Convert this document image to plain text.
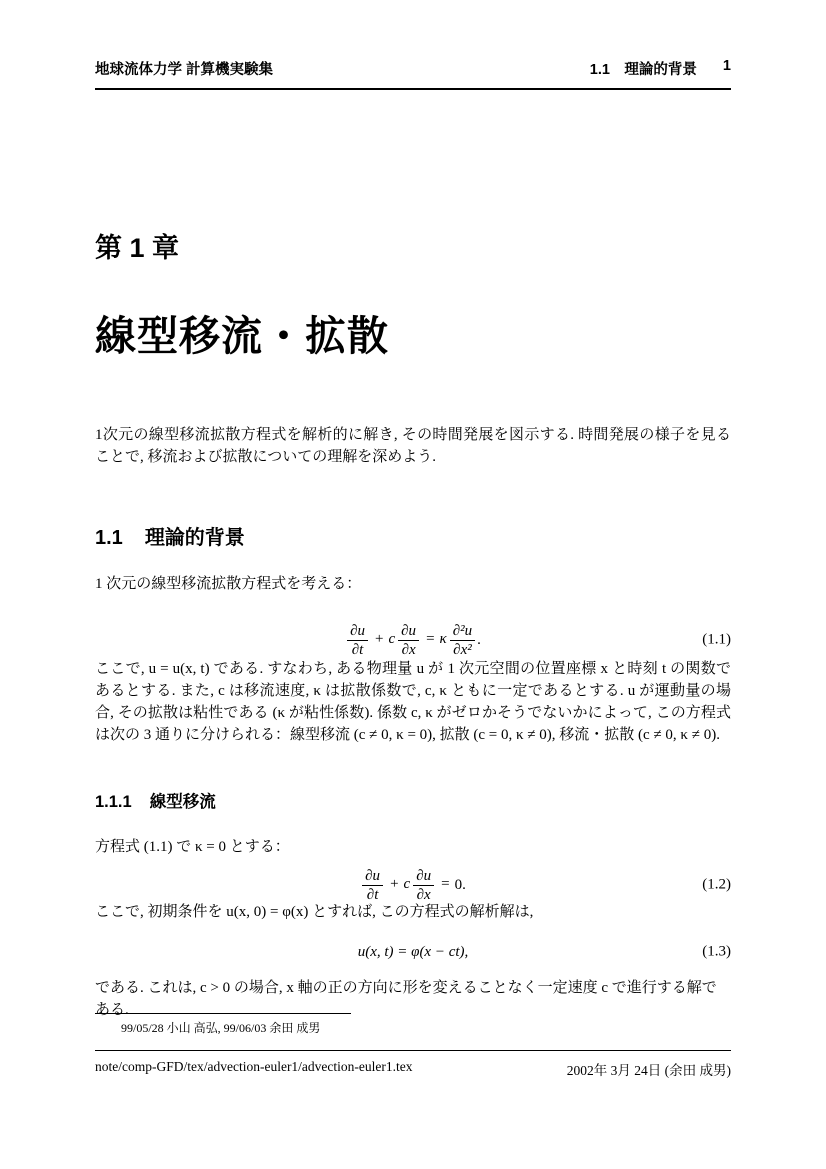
地球流体力学 計算機実験集	1.1　理論的背景 1
第 1 章
線型移流・拡散
1次元の線型移流拡散方程式を解析的に解き, その時間発展を図示する. 時間発展の様子を見ることで, 移流および拡散についての理解を深めよう.
1.1 理論的背景
1 次元の線型移流拡散方程式を考える：
$\frac{\partial u}{\partial t} + c \frac{\partial u}{\partial x} = \kappa \frac{\text{∂²u}}{\text{∂x²}}$ .	(1.1)
ここで, u = u(x, t) である. すなわち, ある物理量 u が 1 次元空間の位置座標 x と時刻 t の関数であるとする. また, c は移流速度, κ は拡散係数で, c, κ ともに一定であるとする. u が運動量の場合, その拡散は粘性である (κ が粘性係数). 係数 c, κ がゼロかそうでないかによって, この方程式は次の 3 通りに分けられる：線型移流 (c ≠ 0, κ = 0), 拡散 (c = 0, κ ≠ 0), 移流・拡散 (c ≠ 0, κ ≠ 0).
1.1.1 線型移流
方程式 (1.1) で κ = 0 とする：
$\frac{\partial u}{\partial t} + c \frac{\partial u}{\partial x} = 0$.	(1.2)
ここで, 初期条件を u(x, 0) = φ(x) とすれば, この方程式の解析解は,
u(x, t) = φ(x − ct),	(1.3)
である. これは, c > 0 の場合, x 軸の正の方向に形を変えることなく一定速度 c で進行する解である.
99/05/28 小山 高弘, 99/06/03 余田 成男
note/comp-GFD/tex/advection-euler1/advection-euler1.tex	2002年 3月 24日 (余田 成男)
